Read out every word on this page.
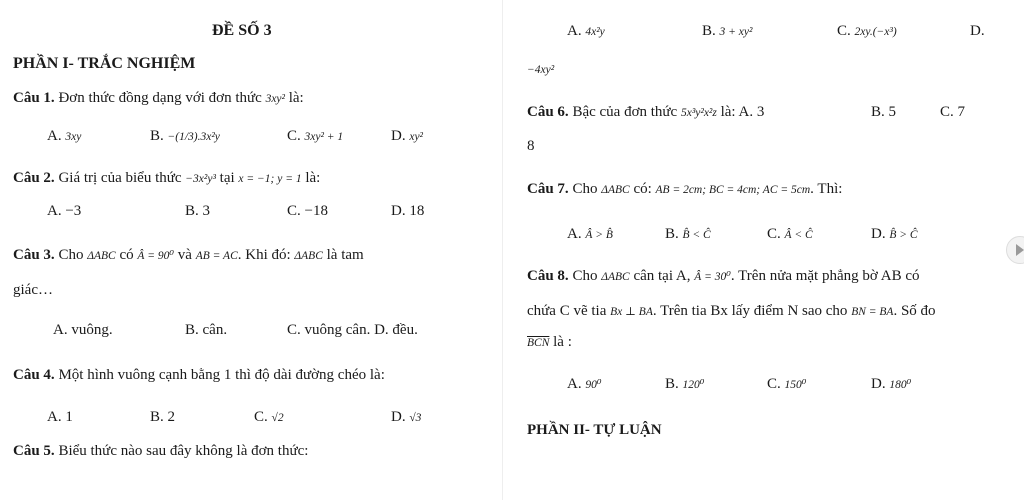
ĐỀ SỐ 3
PHẦN I- TRẮC NGHIỆM
Câu 1. Đơn thức đồng dạng với đơn thức 3xy² là:
A. 3xy	B. −(1/3).3x²y	C. 3xy² + 1	D. xy²
Câu 2. Giá trị của biểu thức −3x²y³ tại x = −1; y = 1 là:
A. −3	B. 3	C. −18	D. 18
Câu 3. Cho ΔABC có Â = 90⁰ và AB = AC. Khi đó: ΔABC là tam
giác…
A. vuông.	B. cân.	C. vuông cân. D. đều.
Câu 4. Một hình vuông cạnh bằng 1 thì độ dài đường chéo là:
A. 1	B. 2	C. √2	D. √3
Câu 5. Biểu thức nào sau đây không là đơn thức:
A. 4x²y	B. 3 + xy²	C. 2xy.(−x³)	D.
−4xy²
Câu 6. Bậc của đơn thức 5x³y²x²z là: A. 3	B. 5	C. 7
8
Câu 7. Cho ΔABC có: AB = 2cm; BC = 4cm; AC = 5cm. Thì:
A. Â > B̂	B. B̂ < Ĉ	C. Â < Ĉ	D. B̂ > Ĉ
Câu 8. Cho ΔABC cân tại A, Â = 30⁰. Trên nửa mặt phẳng bờ AB có
chứa C vẽ tia Bx ⊥ BA. Trên tia Bx lấy điểm N sao cho BN = BA. Số đo
$\overline{BCN}$ là :
A. 90⁰	B. 120⁰	C. 150⁰	D. 180⁰
PHẦN II- TỰ LUẬN
